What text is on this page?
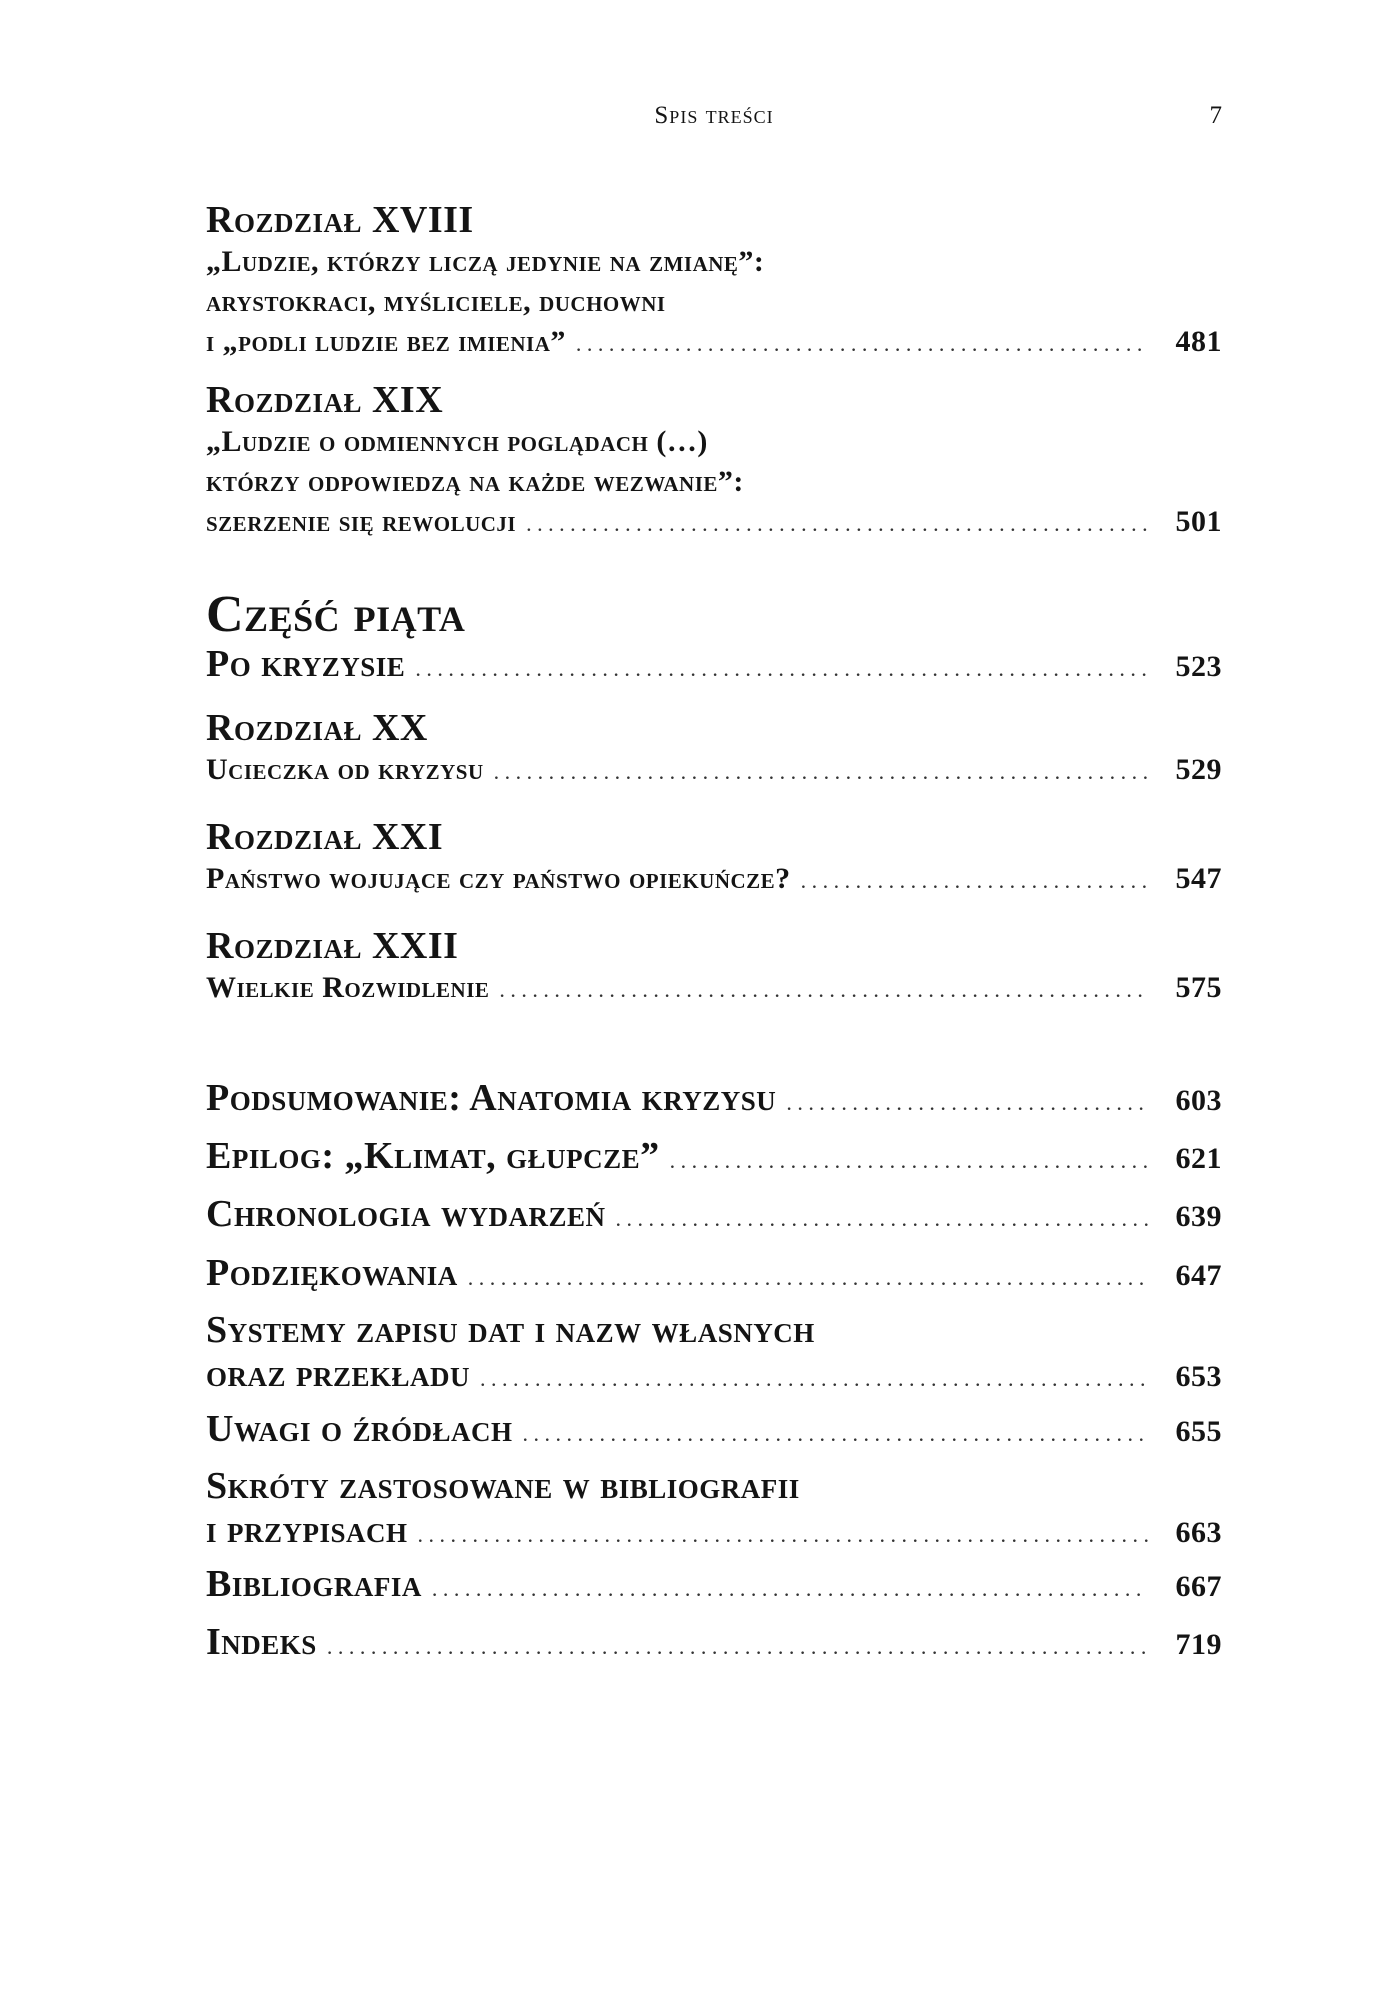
Spis treści	7
Rozdział XVIII
„Ludzie, którzy liczą jedynie na zmianę”:
arystokraci, myśliciele, duchowni
i „podli ludzie bez imienia” . . .	481
Rozdział XIX
„Ludzie o odmiennych poglądach (…)
którzy odpowiedzą na każde wezwanie”:
szerzenie się rewolucji . . .	501
Część piąta
Po kryzysie . . .	523
Rozdział XX
Ucieczka od kryzysu . . .	529
Rozdział XXI
Państwo wojujące czy państwo opiekuńcze? . . .	547
Rozdział XXII
Wielkie Rozwidlenie . . .	575
Podsumowanie: Anatomia kryzysu . . .	603
Epilog: „Klimat, głupcze” . . .	621
Chronologia wydarzeń . . .	639
Podziękowania . . .	647
Systemy zapisu dat i nazw własnych
oraz przekładu . . .	653
Uwagi o źródłach . . .	655
Skróty zastosowane w bibliografii
i przypisach . . .	663
Bibliografia . . .	667
Indeks . . .	719
